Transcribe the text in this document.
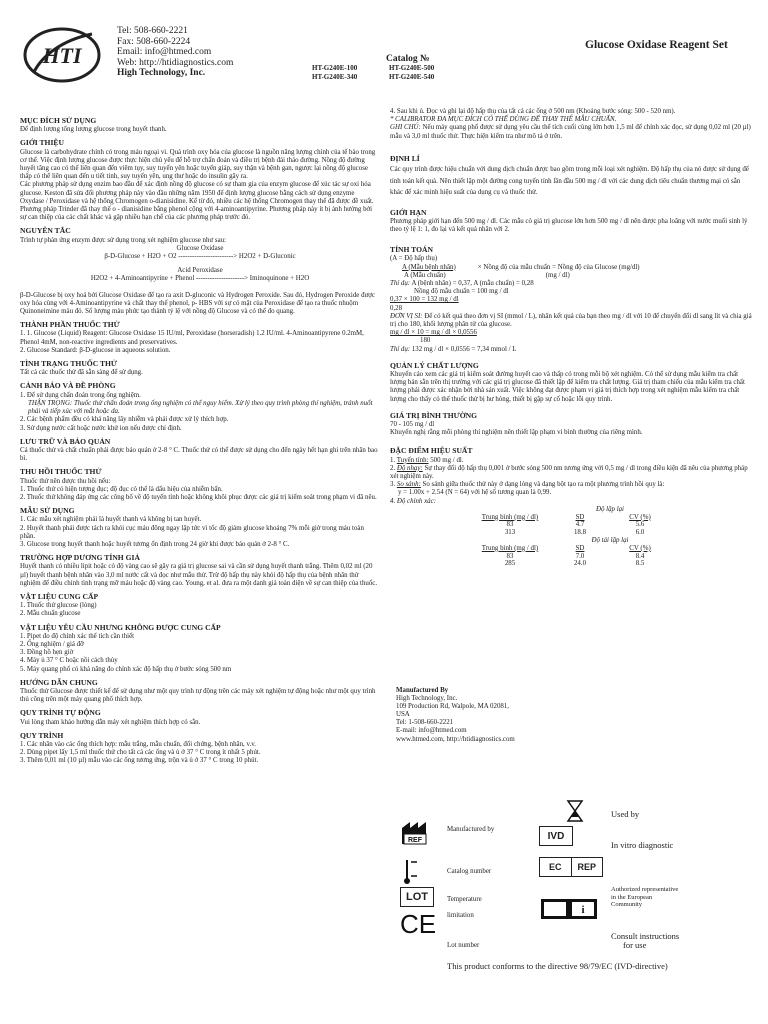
HTI
Tel: 508-660-2221
Fax: 508-660-2224
Email: info@htmed.com
Web: http://htidiagnostics.com
High Technology, Inc.
Glucose Oxidase Reagent Set
Catalog №
HT-G240E-100	HT-G240E-500
HT-G240E-340	HT-G240E-540
MỤC ĐÍCH SỬ DỤNG

Để định lượng tổng lượng glucose trong huyết thanh.

GIỚI THIỆU

Glucose là carbohydrate chính có trong máu ngoại vi. Quá trình oxy hóa của glucose là nguồn năng lượng chính của tế bào trong cơ thể. Việc định lượng glucose được thực hiện chủ yếu để hỗ trợ chẩn đoán và điều trị bệnh đái tháo đường. Nồng độ đường huyết tăng cao có thể liên quan đến viêm tụy, suy tuyến yên hoặc tuyến giáp, suy thận và bệnh gan, ngược lại nồng độ glucose thấp có thể liên quan đến u tiết tinh, suy tuyến yên, ung thư hoặc do insulin gây ra.

Các phương pháp sử dụng enzim bao đầu để xác định nồng độ glucose có sự tham gia của enzym glucose để xúc tác sự oxi hóa glucose. Keston đã sửa đổi phương pháp này vào đầu những năm 1950 để định lượng glucose bằng cách sử dụng enzyme Oxydase / Peroxidase và hệ thống Chromogen o-dianisidine. Kể từ đó, nhiều các hệ thống Chromogen thay thế đã được đề xuất. Phương pháp Trinder đã thay thế o - dianisidine bằng phenol cộng với 4-aminoantipyrine. Phương pháp này ít bị ảnh hưởng bởi sự can thiệp của các chất khác và gặp nhiều hạn chế của các phương pháp trước đó.

NGUYÊN TẮC

Trình tự phản ứng enzym được sử dụng trong xét nghiệm glucose như sau:

Glucose Oxidase

β-D-Glucose + H2O + O2 ------------------------> H2O2 + D-Gluconic

Acid Peroxidase

H2O2 + 4-Aminoantipyrine + Phenol ---------------------> Iminoquinone + H2O

β-D-Glucose bị oxy hoá bởi Glucose Oxidase để tạo ra axit D-gluconic và Hydrogen Peroxide. Sau đó, Hydrogen Peroxide được oxy hóa cùng với 4-Aminoantipyrine và chất thay thế phenol, p- HBS với sự có mặt của Peroxidase để tạo ra thuốc nhuộm Quinoneimine màu đỏ. Số lượng màu phức tạo thành tỷ lệ với nồng độ Glucose và có thể đo quang.

THÀNH PHẦN THUỐC THỬ

1. 1. Glucose (Liquid) Reagent: Glucose Oxidase 15 IU/ml, Peroxidase (horseradish) 1.2 IU/ml. 4-Aminoantipyrene 0.2mM, Phenol 4mM, non-reactive ingredients and preservatives.

2. Glucose Standard: β-D-glucose in aqueous solution.

TÌNH TRẠNG THUỐC THỬ

Tất cả các thuốc thử đã sẵn sàng để sử dụng.

CẢNH BÁO VÀ ĐỀ PHÒNG

1. Để sử dụng chẩn đoán trong ống nghiệm.

THẬN TRỌNG: Thuốc thử chẩn đoán trong ống nghiệm có thể nguy hiểm. Xử lý theo quy trình phòng thí nghiệm, tránh nuốt phải và tiếp xúc với mắt hoặc da.

2. Các bệnh phẩm đều có khả năng lây nhiễm và phải được xử lý thích hợp.

3. Sử dụng nước cất hoặc nước khử ion nếu được chỉ định.

LƯU TRỮ VÀ BẢO QUẢN

Cả thuốc thử và chất chuẩn phải được bảo quản ở 2-8 ° C. Thuốc thử có thể được sử dụng cho đến ngày hết hạn ghi trên nhãn bao bì.

THU HỒI THUỐC THỬ

Thuốc thử nên được thu hồi nếu:

1. Thuốc thử có hiện tượng đục; độ đục có thể là dấu hiệu của nhiễm bẩn.

2. Thuốc thử không đáp ứng các công bố về độ tuyến tính hoặc không khôi phục được các giá trị kiểm soát trong phạm vi đã nêu.

MẪU SỬ DỤNG

1. Các mẫu xét nghiệm phải là huyết thanh và không bị tan huyết.

2. Huyết thanh phải được tách ra khỏi cục máu đông ngay lập tức vì tốc độ giảm glucose khoảng 7% mỗi giờ trong máu toàn phần.

3. Glucose trong huyết thanh hoặc huyết tương ổn định trong 24 giờ khi được bảo quản ở 2-8 ° C.

TRƯỜNG HỢP DƯƠNG TÍNH GIẢ

Huyết thanh có nhiều lipit hoặc có độ vàng cao sẽ gây ra giá trị glucose sai và cần sử dụng huyết thanh trắng. Thêm 0,02 ml (20 µl) huyết thanh bệnh nhân vào 3,0 ml nước cất và đọc như mẫu thử. Trừ độ hấp thụ này khỏi độ hấp thụ của bệnh nhân thử nghiệm để điều chỉnh tình trạng mỡ máu hoặc độ vàng cao. Young, et al. đưa ra một danh giá toàn diện về sự can thiệp của thuốc.

VẬT LIỆU CUNG CẤP

1. Thuốc thử glucose (lỏng)

2. Mẫu chuẩn glucose

VẬT LIỆU YÊU CẦU NHƯNG KHÔNG ĐƯỢC CUNG CẤP

1. Pipet đo độ chính xác thể tích cần thiết

2. Ống nghiệm / giá đỡ

3. Đồng hồ hẹn giờ

4. Máy ủ 37 ° C hoặc nồi cách thủy

5. Máy quang phổ có khả năng đo chính xác độ hấp thụ ở bước sóng 500 nm

HƯỚNG DẪN CHUNG

Thuốc thử Glucose được thiết kế để sử dụng như một quy trình tự động trên các máy xét nghiệm tự động hoặc như một quy trình thủ công trên một máy quang phổ thích hợp.

QUY TRÌNH TỰ ĐỘNG

Vui lòng tham khảo hướng dẫn máy xét nghiệm thích hợp có sẵn.

QUY TRÌNH

1. Các nhãn vào các ống thích hợp: mẫu trắng, mẫu chuẩn, đối chứng, bệnh nhân, v.v.

2. Dùng pipet lấy 1,5 ml thuốc thử cho tất cả các ống và ủ ở 37 ° C trong ít nhất 5 phút.

3. Thêm 0,01 ml (10 µl) mẫu vào các ống tương ứng, trộn và ủ ở 37 ° C trong 10 phút.

4. Sau khi ủ. Đọc và ghi lại độ hấp thụ của tất cả các ống ở 500 nm (Khoảng bước sóng: 500 - 520 nm).

* CALIBRATOR ĐA MỤC ĐÍCH CÓ THỂ DÙNG ĐỂ THAY THẾ MẪU CHUẨN.

GHI CHÚ: Nếu máy quang phổ được sử dụng yêu cầu thể tích cuối cùng lớn hơn 1,5 ml để chính xác đọc, sử dụng 0,02 ml (20 µl) mẫu và 3,0 ml thuốc thử. Thực hiện kiểm tra như mô tả ở trên.

ĐỊNH LÍ

Các quy trình được hiệu chuẩn với dung dịch chuẩn được bao gồm trong mỗi loại xét nghiệm. Độ hấp thụ của nó được sử dụng để tính toán kết quả. Nên thiết lập một đường cong tuyến tính lần đầu 500 mg / dl với các dung dịch tiêu chuẩn thương mại có sẵn khác để xác minh hiệu suất của dụng cụ và thuốc thử.

GIỚI HẠN

Phương pháp giới hạn đến 500 mg / dl. Các mẫu có giá trị glucose lớn hơn 500 mg / dl nên được pha loãng với nước muối sinh lý theo tỷ lệ 1: 1, đo lại và kết quả nhân với 2.

TÍNH TOÁN

(A = Độ hấp thụ)

A (Mẫu bệnh nhân)	× Nồng độ của mẫu chuẩn = Nồng độ của Glucose (mg/dl)

A (Mẫu chuẩn)	(mg / dl)

Thí dụ: A (bệnh nhân) = 0,37, A (mẫu chuẩn) = 0,28

Nồng độ mẫu chuẩn = 100 mg / dl

0,37 × 100 = 132 mg / dl

0,28

ĐƠN VỊ SI: Để có kết quả theo đơn vị SI (mmol / L), nhân kết quả của bạn theo mg / dl với 10 để chuyển đổi dl sang lít và chia giá trị cho 180, khối lượng phân tử của glucose.

mg / dl × 10 = mg / dl × 0,0556

180

Thí dụ: 132 mg / dl × 0,0556 = 7,34 mmol / L

QUẢN LÝ CHẤT LƯỢNG

Khuyến cáo xem các giá trị kiểm soát đường huyết cao và thấp có trong mỗi bộ xét nghiệm. Có thể sử dụng mẫu kiểm tra chất lượng bán sẵn trên thị trường với các giá trị glucose đã thiết lập để kiểm tra chất lượng. Giá trị tham chiếu của mẫu kiểm tra chất lượng phải được xác nhận bởi nhà sản xuất. Việc không đạt được phạm vi giá trị thích hợp trong xét nghiệm mẫu kiểm tra chất lượng cho thấy có thể thuốc thử bị hư hỏng, thiết bị gặp sự cố hoặc lỗi quy trình.

GIÁ TRỊ BÌNH THƯỜNG

70 - 105 mg / dl

Khuyến nghị rằng mỗi phòng thí nghiệm nên thiết lập phạm vi bình thường của riêng mình.

ĐẶC ĐIỂM HIỆU SUẤT

1. Tuyến tính: 500 mg / dl.

2. Độ nhạy: Sự thay đổi độ hấp thụ 0,001 ở bước sóng 500 nm tương ứng với 0,5 mg / dl trong điều kiện đã nêu của phương pháp xét nghiệm này.

3. So sánh: So sánh giữa thuốc thử này ở dạng lỏng và dạng bột tạo ra một phương trình hồi quy là:

y = 1.00x + 2.54 (N = 64) với hệ số tương quan là 0,99.

4. Độ chính xác:

	Độ lặp lại	
Trung bình (mg / dl)	SD	CV (%)
83	4.7	5.6
313	18.8	6.0
	Độ tái lặp lại	
Trung bình (mg / dl)	SD	CV (%)
83	7.0	8.4
285	24.0	8.5
Manufactured By
High Technology, Inc.
109 Production Rd, Walpole, MA 02081,
USA
Tel: 1-508-660-2221
E-mail: info@htmed.com
www.htmed.com, http://htidiagnostics.com
REF
Manufactured by
Catalog number
LOT	Temperature
CE limitation
Lot number
IVD
Used by
EC	REP
In vitro diagnostic
i
Authorized representative
in the European
Community
Consult instructions
for use
This product conforms to the directive 98/79/EC (IVD-directive)
